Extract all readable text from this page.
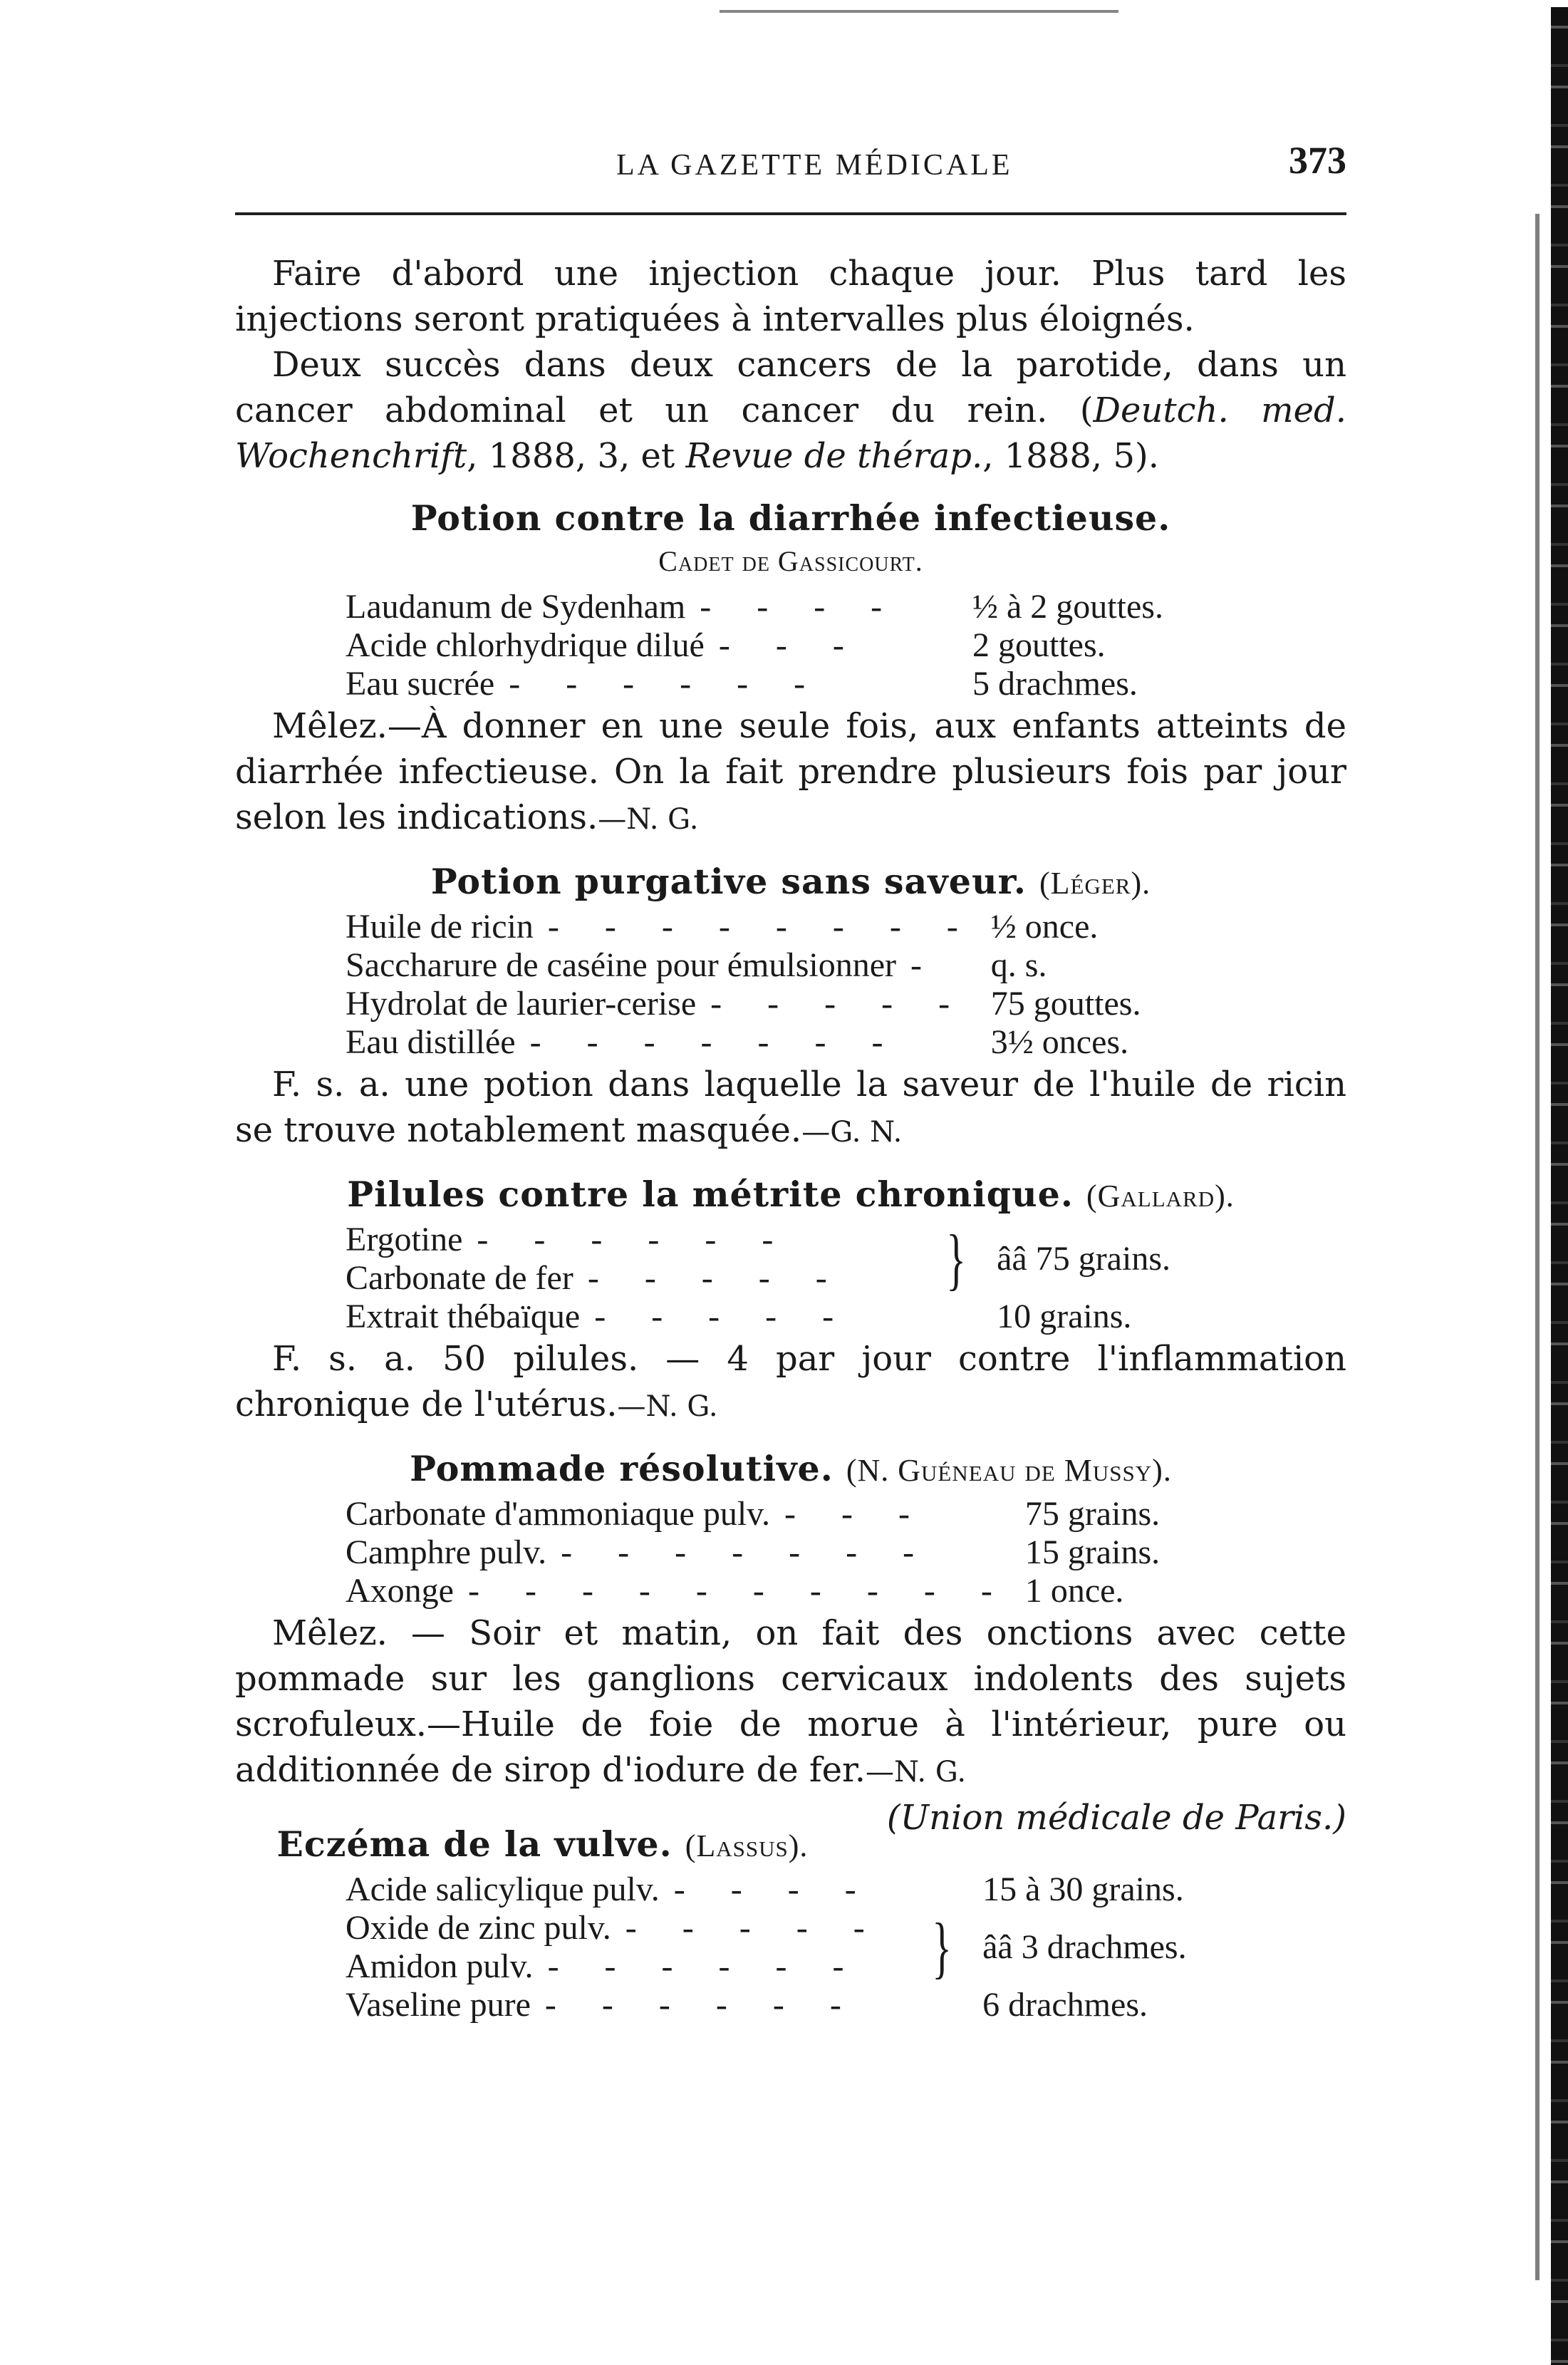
LA GAZETTE MÉDICALE	373

Faire d'abord une injection chaque jour. Plus tard les injections seront pratiquées à intervalles plus éloignés.

Deux succès dans deux cancers de la parotide, dans un cancer abdominal et un cancer du rein. (Deutch. med. Wochenchrift, 1888, 3, et Revue de thérap., 1888, 5).

Potion contre la diarrhée infectieuse.
Cadet de Gassicourt.
Laudanum de Sydenham - - - -	½ à 2 gouttes.
Acide chlorhydrique dilué - - -	2 gouttes.
Eau sucrée - - - - - -	5 drachmes.

Mêlez.—À donner en une seule fois, aux enfants atteints de diarrhée infectieuse. On la fait prendre plusieurs fois par jour selon les indications.—N. G.

Potion purgative sans saveur. (Léger).
Huile de ricin - - - - - - - -	½ once.
Saccharure de caséine pour émulsionner -	q. s.
Hydrolat de laurier-cerise - - - - -	75 gouttes.
Eau distillée - - - - - - -	3½ onces.

F. s. a. une potion dans laquelle la saveur de l'huile de ricin se trouve notablement masquée.—G. N.

Pilules contre la métrite chronique. (Gallard).
Ergotine - - - - - -	}	ââ 75 grains.
Carbonate de fer - - - - -		
Extrait thébaïque - - - - -		10 grains.

F. s. a. 50 pilules. — 4 par jour contre l'inflammation chronique de l'utérus.—N. G.

Pommade résolutive. (N. Guéneau de Mussy).
Carbonate d'ammoniaque pulv. - - -	75 grains.
Camphre pulv. - - - - - - -	15 grains.
Axonge - - - - - - - - - -	1 once.

Mêlez. — Soir et matin, on fait des onctions avec cette pommade sur les ganglions cervicaux indolents des sujets scrofuleux.—Huile de foie de morue à l'intérieur, pure ou additionnée de sirop d'iodure de fer.—N. G.
(Union médicale de Paris.)

Eczéma de la vulve. (Lassus).
Acide salicylique pulv. - - - -		15 à 30 grains.
Oxide de zinc pulv. - - - - -	}	ââ 3 drachmes.
Amidon pulv. - - - - - -		
Vaseline pure - - - - - -		6 drachmes.
